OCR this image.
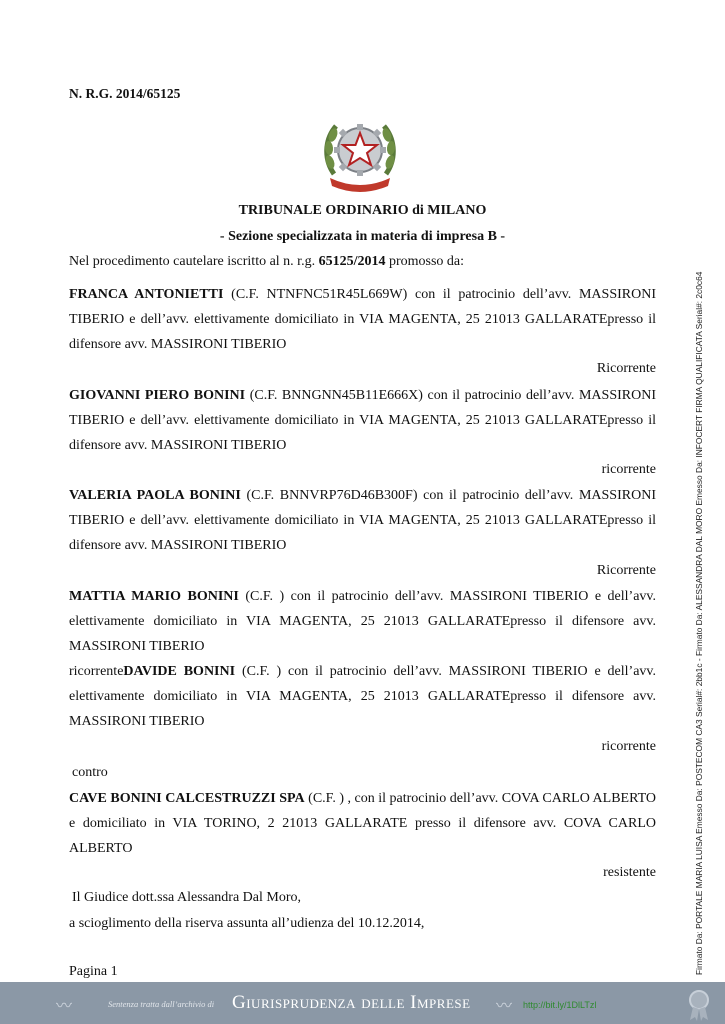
N. R.G. 2014/65125
TRIBUNALE ORDINARIO di MILANO
- Sezione specializzata in materia di impresa B -
Nel procedimento cautelare iscritto al n. r.g. 65125/2014 promosso da:
FRANCA ANTONIETTI (C.F. NTNFNC51R45L669W) con il patrocinio dell’avv. MASSIRONI TIBERIO e dell’avv. elettivamente domiciliato in VIA MAGENTA, 25 21013 GALLARATEpresso il difensore avv. MASSIRONI TIBERIO
Ricorrente
GIOVANNI PIERO BONINI (C.F. BNNGNN45B11E666X) con il patrocinio dell’avv. MASSIRONI TIBERIO e dell’avv. elettivamente domiciliato in VIA MAGENTA, 25 21013 GALLARATEpresso il difensore avv. MASSIRONI TIBERIO
ricorrente
VALERIA PAOLA BONINI (C.F. BNNVRP76D46B300F) con il patrocinio dell’avv. MASSIRONI TIBERIO e dell’avv. elettivamente domiciliato in VIA MAGENTA, 25 21013 GALLARATEpresso il difensore avv. MASSIRONI TIBERIO
Ricorrente
MATTIA MARIO BONINI (C.F. ) con il patrocinio dell’avv. MASSIRONI TIBERIO e dell’avv. elettivamente domiciliato in VIA MAGENTA, 25 21013 GALLARATEpresso il difensore avv. MASSIRONI TIBERIO
ricorrenteDAVIDE BONINI (C.F. ) con il patrocinio dell’avv. MASSIRONI TIBERIO e dell’avv. elettivamente domiciliato in VIA MAGENTA, 25 21013 GALLARATEpresso il difensore avv. MASSIRONI TIBERIO
ricorrente
contro
CAVE BONINI CALCESTRUZZI SPA (C.F. ) , con il patrocinio dell’avv. COVA CARLO ALBERTO e domiciliato in VIA TORINO, 2 21013 GALLARATE presso il difensore avv. COVA CARLO ALBERTO
resistente
Il Giudice dott.ssa Alessandra Dal Moro,
a scioglimento della riserva assunta all’udienza del 10.12.2014,
Pagina 1	Firmato Da: PORTALE MARIA LUISA Emesso Da: POSTECOM CA3 Serial#: 2bb1c - Firmato Da: ALESSANDRA DAL MORO Emesso Da: INFOCERT FIRMA QUALIFICATA Serial#: 2c0c64
〰	Sentenza tratta dall’archivio di Giurisprudenza delle Imprese 〰 http://bit.ly/1DlLTzl
